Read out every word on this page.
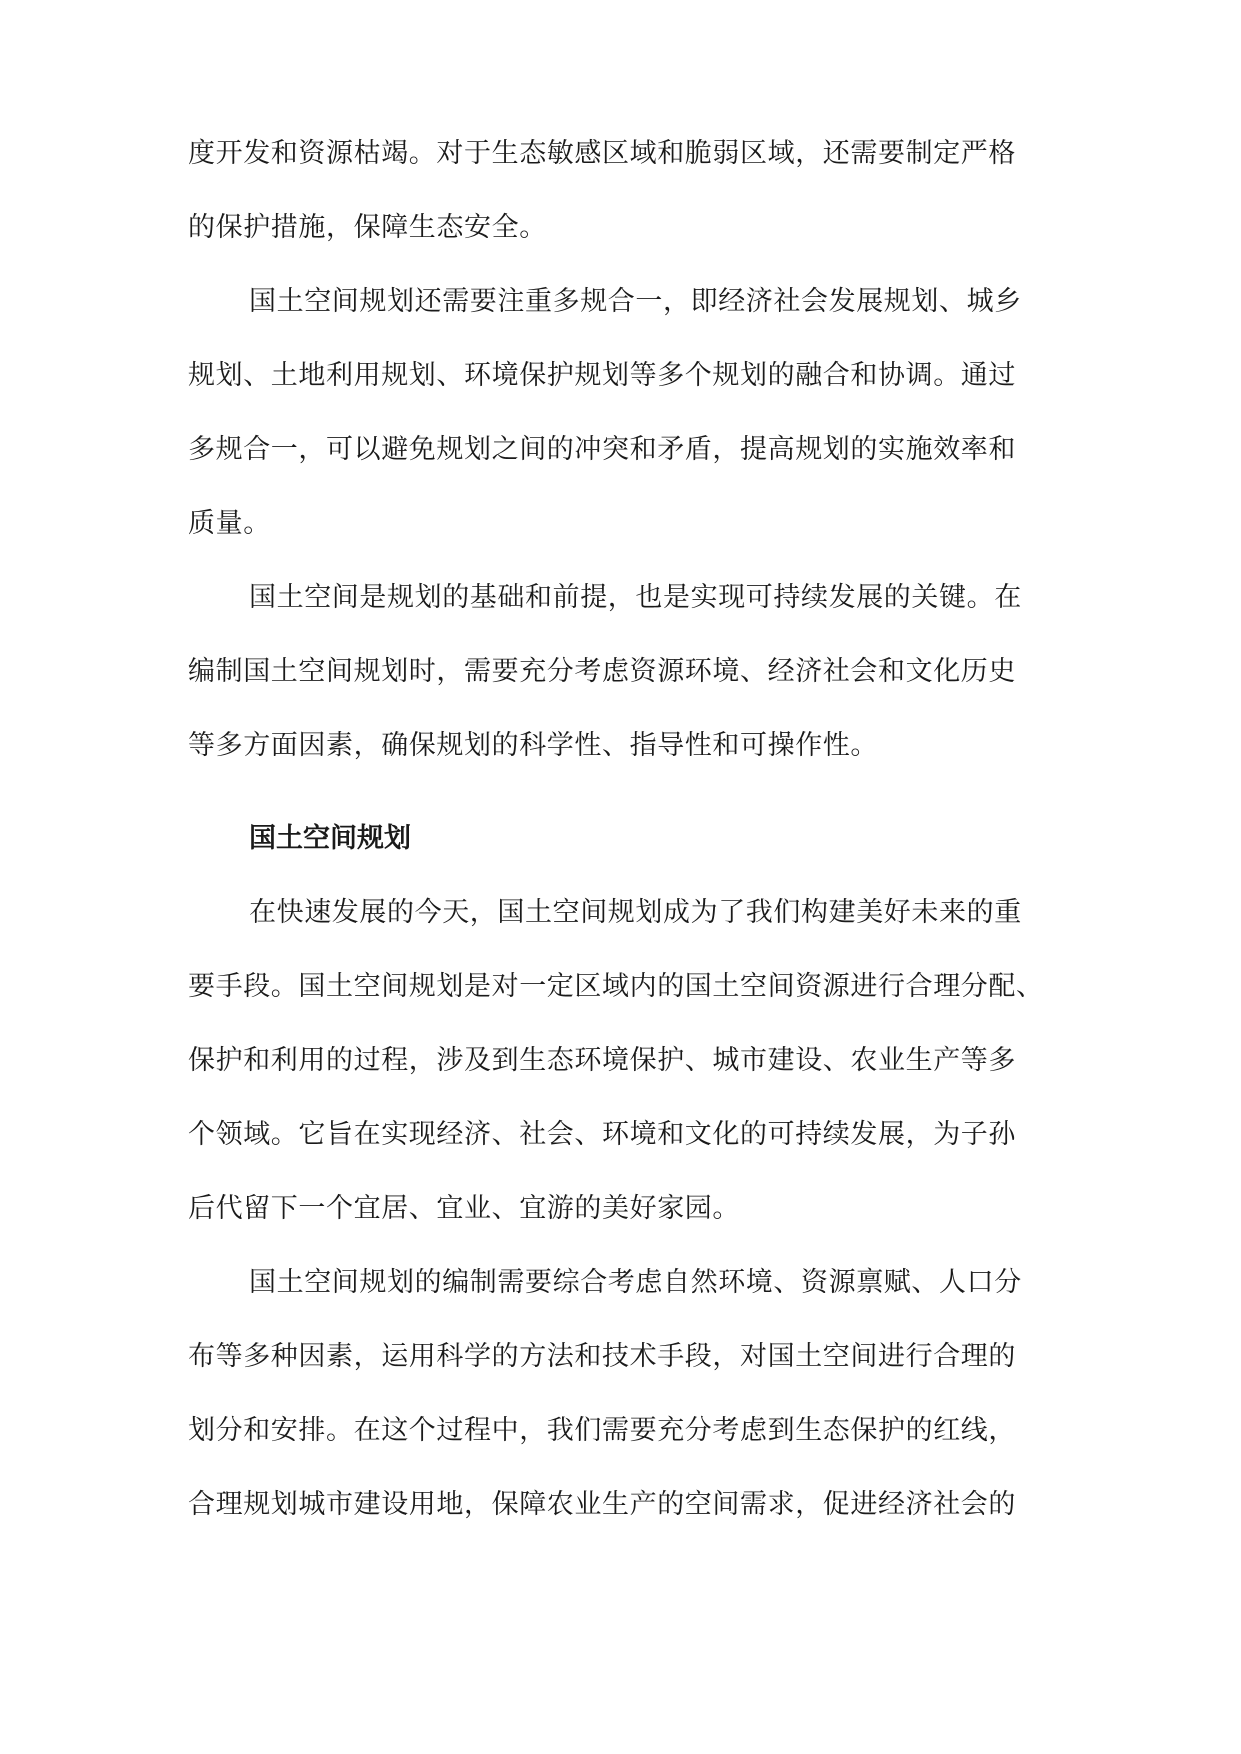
度开发和资源枯竭。对于生态敏感区域和脆弱区域，还需要制定严格
的保护措施，保障生态安全。
国土空间规划还需要注重多规合一，即经济社会发展规划、城乡
规划、土地利用规划、环境保护规划等多个规划的融合和协调。通过
多规合一，可以避免规划之间的冲突和矛盾，提高规划的实施效率和
质量。
国土空间是规划的基础和前提，也是实现可持续发展的关键。在
编制国土空间规划时，需要充分考虑资源环境、经济社会和文化历史
等多方面因素，确保规划的科学性、指导性和可操作性。
国土空间规划
在快速发展的今天，国土空间规划成为了我们构建美好未来的重
要手段。国土空间规划是对一定区域内的国土空间资源进行合理分配、
保护和利用的过程，涉及到生态环境保护、城市建设、农业生产等多
个领域。它旨在实现经济、社会、环境和文化的可持续发展，为子孙
后代留下一个宜居、宜业、宜游的美好家园。
国土空间规划的编制需要综合考虑自然环境、资源禀赋、人口分
布等多种因素，运用科学的方法和技术手段，对国土空间进行合理的
划分和安排。在这个过程中，我们需要充分考虑到生态保护的红线，
合理规划城市建设用地，保障农业生产的空间需求，促进经济社会的
